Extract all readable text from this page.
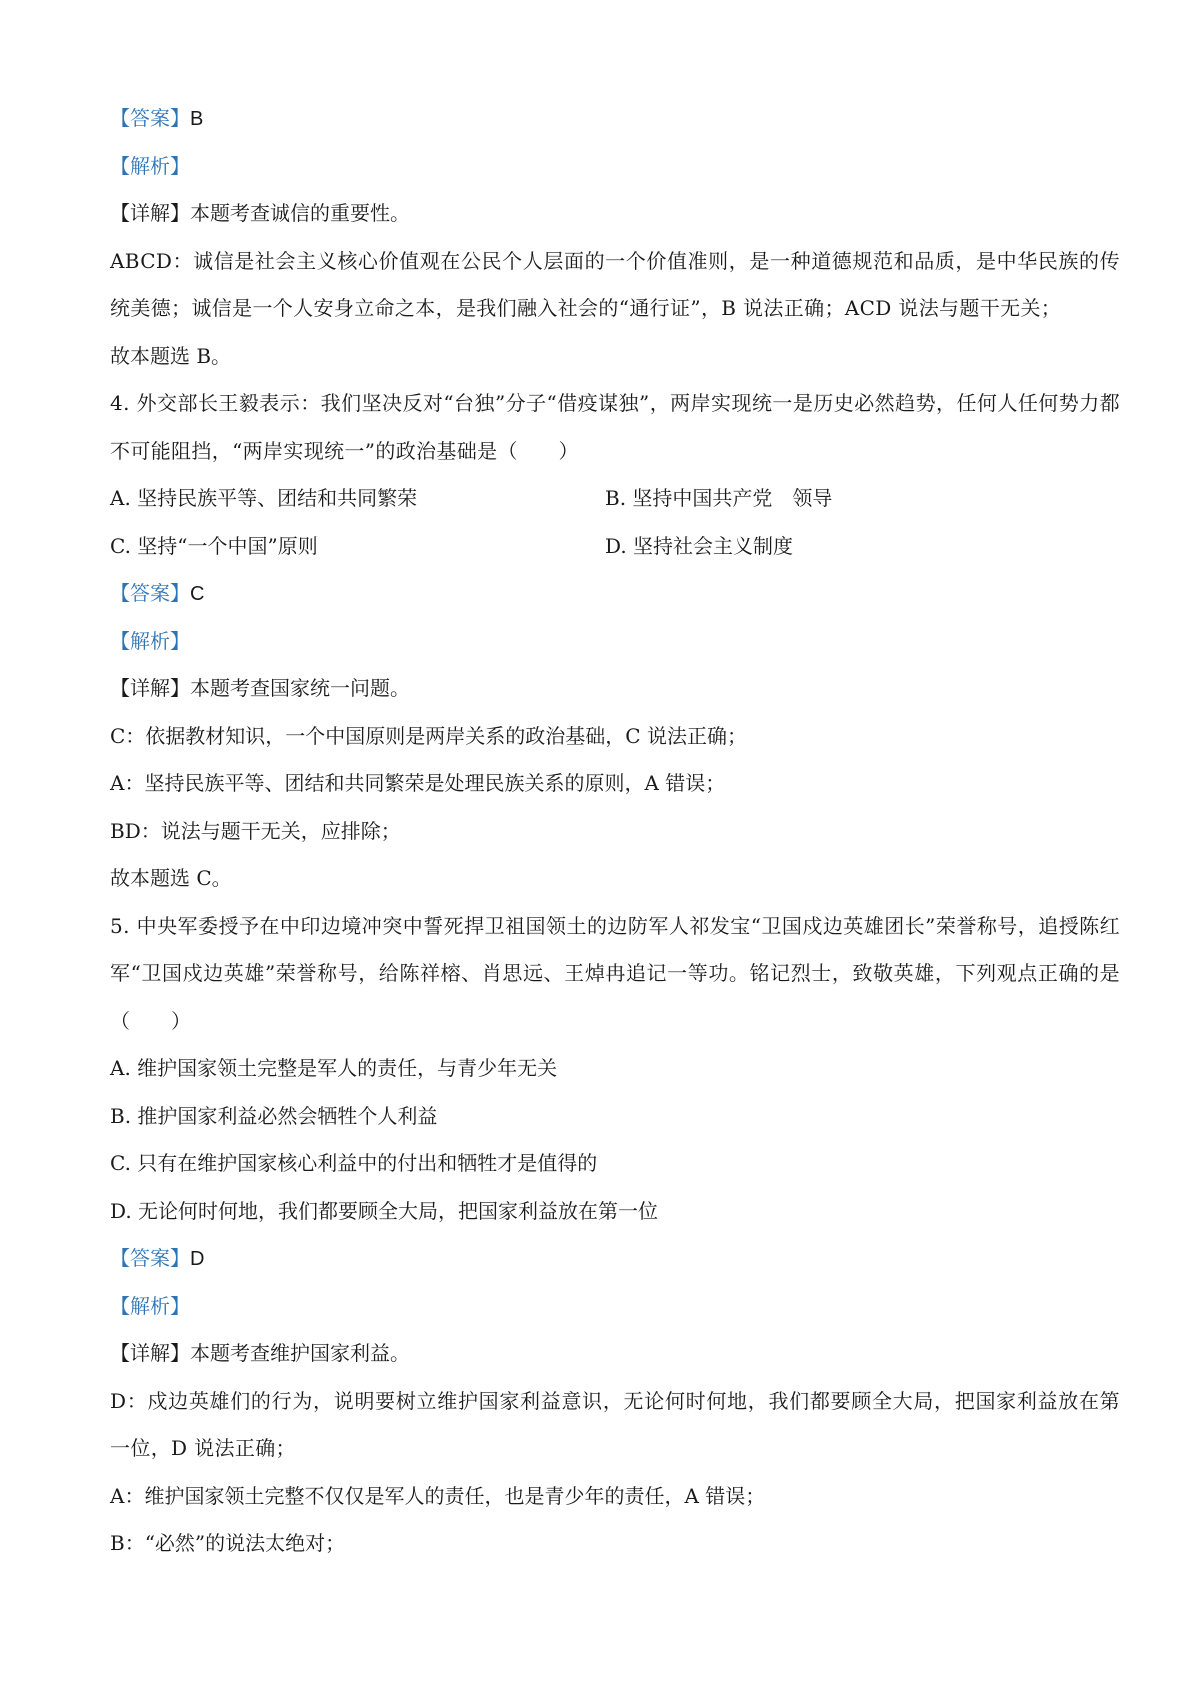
【答案】B
【解析】
【详解】本题考查诚信的重要性。
ABCD：诚信是社会主义核心价值观在公民个人层面的一个价值准则，是一种道德规范和品质，是中华民族的传统美德；诚信是一个人安身立命之本，是我们融入社会的“通行证”，B 说法正确；ACD 说法与题干无关；
故本题选 B。
4. 外交部长王毅表示：我们坚决反对“台独”分子“借疫谋独”，两岸实现统一是历史必然趋势，任何人任何势力都不可能阻挡，“两岸实现统一”的政治基础是（　　）
A. 坚持民族平等、团结和共同繁荣	B. 坚持中国共产党　领导
C. 坚持“一个中国”原则	D. 坚持社会主义制度
【答案】C
【解析】
【详解】本题考查国家统一问题。
C：依据教材知识，一个中国原则是两岸关系的政治基础，C 说法正确；
A：坚持民族平等、团结和共同繁荣是处理民族关系的原则，A 错误；
BD：说法与题干无关，应排除；
故本题选 C。
5. 中央军委授予在中印边境冲突中誓死捍卫祖国领土的边防军人祁发宝“卫国戍边英雄团长”荣誉称号，追授陈红军“卫国戍边英雄”荣誉称号，给陈祥榕、肖思远、王焯冉追记一等功。铭记烈士，致敬英雄，下列观点正确的是（　　）
A. 维护国家领土完整是军人的责任，与青少年无关
B. 推护国家利益必然会牺牲个人利益
C. 只有在维护国家核心利益中的付出和牺牲才是值得的
D. 无论何时何地，我们都要顾全大局，把国家利益放在第一位
【答案】D
【解析】
【详解】本题考查维护国家利益。
D：戍边英雄们的行为，说明要树立维护国家利益意识，无论何时何地，我们都要顾全大局，把国家利益放在第一位，D 说法正确；
A：维护国家领土完整不仅仅是军人的责任，也是青少年的责任，A 错误；
B：“必然”的说法太绝对；
